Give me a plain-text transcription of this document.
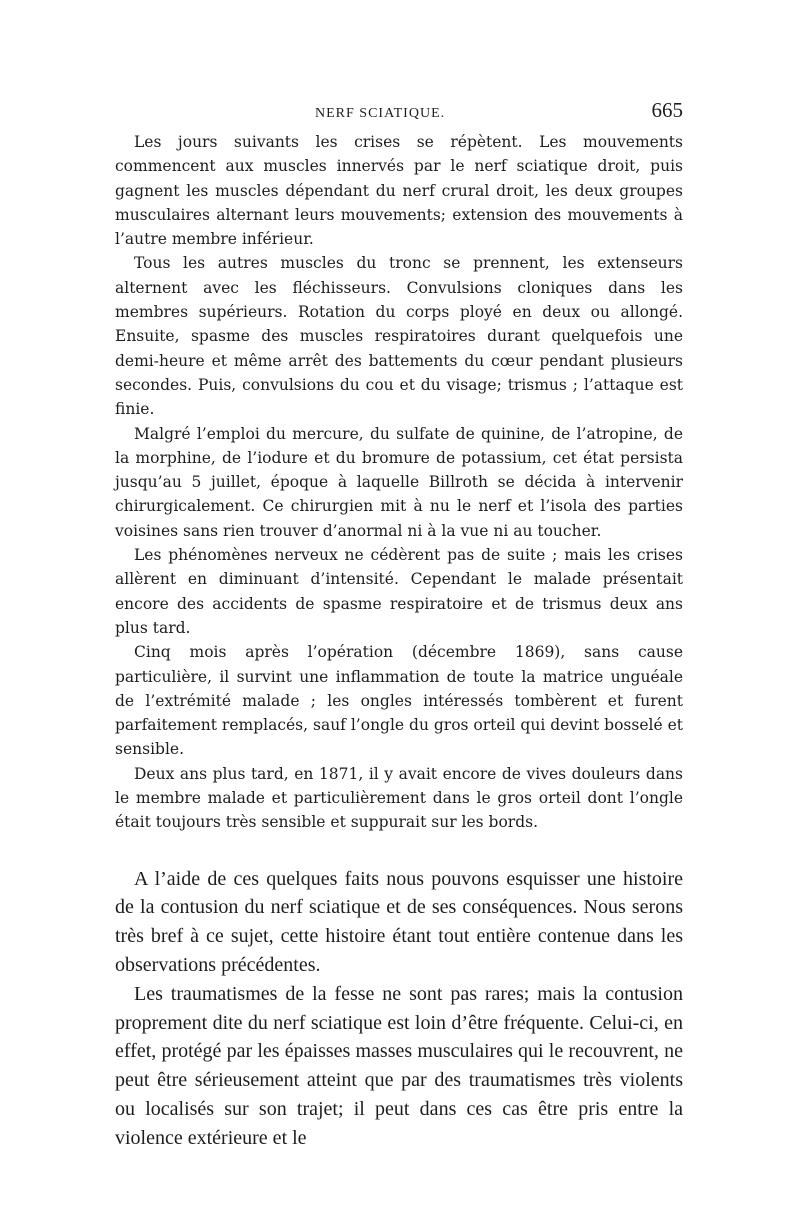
NERF SCIATIQUE.	665

Les jours suivants les crises se répètent. Les mouvements commencent aux muscles innervés par le nerf sciatique droit, puis gagnent les muscles dépendant du nerf crural droit, les deux groupes musculaires alternant leurs mouvements; extension des mouvements à l’autre membre inférieur.

Tous les autres muscles du tronc se prennent, les extenseurs alternent avec les fléchisseurs. Convulsions cloniques dans les membres supérieurs. Rotation du corps ployé en deux ou allongé. Ensuite, spasme des muscles respiratoires durant quelquefois une demi-heure et même arrêt des battements du cœur pendant plusieurs secondes. Puis, convulsions du cou et du visage; trismus ; l’attaque est finie.

Malgré l’emploi du mercure, du sulfate de quinine, de l’atropine, de la morphine, de l’iodure et du bromure de potassium, cet état persista jusqu’au 5 juillet, époque à laquelle Billroth se décida à intervenir chirurgicalement. Ce chirurgien mit à nu le nerf et l’isola des parties voisines sans rien trouver d’anormal ni à la vue ni au toucher.

Les phénomènes nerveux ne cédèrent pas de suite ; mais les crises allèrent en diminuant d’intensité. Cependant le malade présentait encore des accidents de spasme respiratoire et de trismus deux ans plus tard.

Cinq mois après l’opération (décembre 1869), sans cause particulière, il survint une inflammation de toute la matrice unguéale de l’extrémité malade ; les ongles intéressés tombèrent et furent parfaitement remplacés, sauf l’ongle du gros orteil qui devint bosselé et sensible.

Deux ans plus tard, en 1871, il y avait encore de vives douleurs dans le membre malade et particulièrement dans le gros orteil dont l’ongle était toujours très sensible et suppurait sur les bords.

A l’aide de ces quelques faits nous pouvons esquisser une histoire de la contusion du nerf sciatique et de ses conséquences. Nous serons très bref à ce sujet, cette histoire étant tout entière contenue dans les observations précédentes.

Les traumatismes de la fesse ne sont pas rares; mais la contusion proprement dite du nerf sciatique est loin d’être fréquente. Celui-ci, en effet, protégé par les épaisses masses musculaires qui le recouvrent, ne peut être sérieusement atteint que par des traumatismes très violents ou localisés sur son trajet; il peut dans ces cas être pris entre la violence extérieure et le
